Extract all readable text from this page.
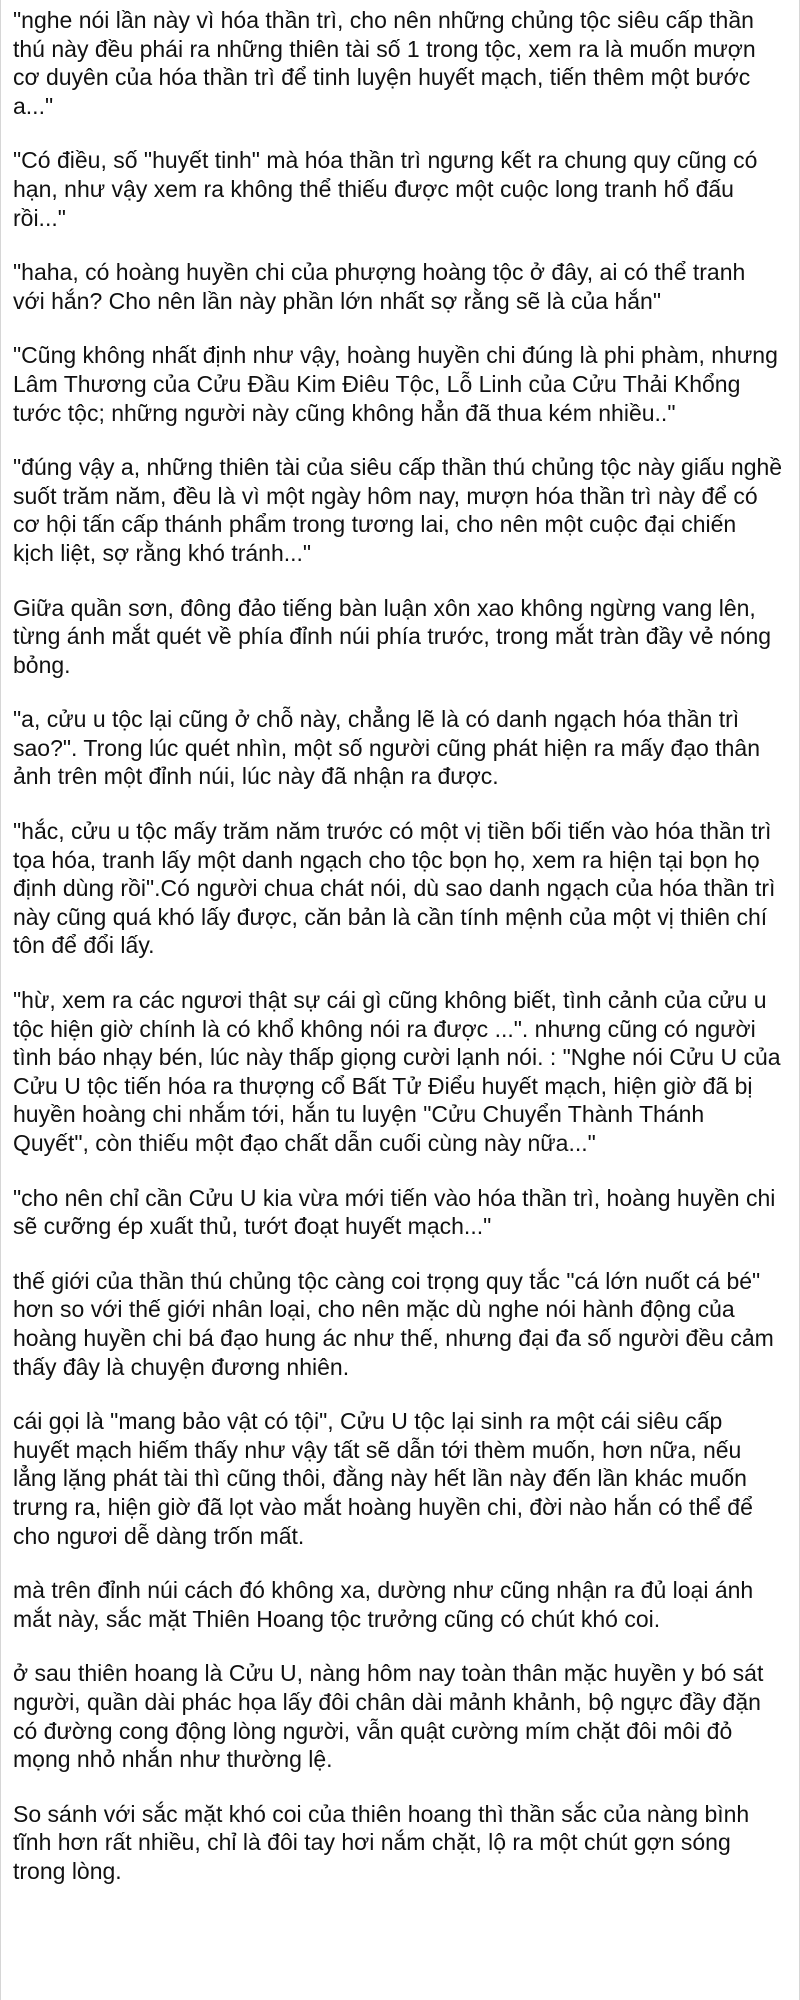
"nghe nói lần này vì hóa thần trì, cho nên những chủng tộc siêu cấp thần thú này đều phái ra những thiên tài số 1 trong tộc, xem ra là muốn mượn cơ duyên của hóa thần trì để tinh luyện huyết mạch, tiến thêm một bước a..."

"Có điều, số "huyết tinh" mà hóa thần trì ngưng kết ra chung quy cũng có hạn, như vậy xem ra không thể thiếu được một cuộc long tranh hổ đấu rồi..."

"haha, có hoàng huyền chi của phượng hoàng tộc ở đây, ai có thể tranh với hắn? Cho nên lần này phần lớn nhất sợ rằng sẽ là của hắn"

"Cũng không nhất định như vậy, hoàng huyền chi đúng là phi phàm, nhưng Lâm Thương của Cửu Đầu Kim Điêu Tộc, Lỗ Linh của Cửu Thải Khổng tước tộc; những người này cũng không hẳn đã thua kém nhiều.."

"đúng vậy a, những thiên tài của siêu cấp thần thú chủng tộc này giấu nghề suốt trăm năm, đều là vì một ngày hôm nay, mượn hóa thần trì này để có cơ hội tấn cấp thánh phẩm trong tương lai, cho nên một cuộc đại chiến kịch liệt, sợ rằng khó tránh..."

Giữa quần sơn, đông đảo tiếng bàn luận xôn xao không ngừng vang lên, từng ánh mắt quét về phía đỉnh núi phía trước, trong mắt tràn đầy vẻ nóng bỏng.

"a, cửu u tộc lại cũng ở chỗ này, chẳng lẽ là có danh ngạch hóa thần trì sao?". Trong lúc quét nhìn, một số người cũng phát hiện ra mấy đạo thân ảnh trên một đỉnh núi, lúc này đã nhận ra được.

"hắc, cửu u tộc mấy trăm năm trước có một vị tiền bối tiến vào hóa thần trì tọa hóa, tranh lấy một danh ngạch cho tộc bọn họ, xem ra hiện tại bọn họ định dùng rồi".Có người chua chát nói, dù sao danh ngạch của hóa thần trì này cũng quá khó lấy được, căn bản là cần tính mệnh của một vị thiên chí tôn để đổi lấy.

"hừ, xem ra các ngươi thật sự cái gì cũng không biết, tình cảnh của cửu u tộc hiện giờ chính là có khổ không nói ra được ...". nhưng cũng có người tình báo nhạy bén, lúc này thấp giọng cười lạnh nói. : "Nghe nói Cửu U của Cửu U tộc tiến hóa ra thượng cổ Bất Tử Điểu huyết mạch, hiện giờ đã bị huyền hoàng chi nhắm tới, hắn tu luyện "Cửu Chuyển Thành Thánh Quyết", còn thiếu một đạo chất dẫn cuối cùng này nữa..."

"cho nên chỉ cần Cửu U kia vừa mới tiến vào hóa thần trì, hoàng huyền chi sẽ cưỡng ép xuất thủ, tướt đoạt huyết mạch..."

thế giới của thần thú chủng tộc càng coi trọng quy tắc "cá lớn nuốt cá bé" hơn so với thế giới nhân loại, cho nên mặc dù nghe nói hành động của hoàng huyền chi bá đạo hung ác như thế, nhưng đại đa số người đều cảm thấy đây là chuyện đương nhiên.

cái gọi là "mang bảo vật có tội", Cửu U tộc lại sinh ra một cái siêu cấp huyết mạch hiếm thấy như vậy tất sẽ dẫn tới thèm muốn, hơn nữa, nếu lẳng lặng phát tài thì cũng thôi, đằng này hết lần này đến lần khác muốn trưng ra, hiện giờ đã lọt vào mắt hoàng huyền chi, đời nào hắn có thể để cho ngươi dễ dàng trốn mất.

mà trên đỉnh núi cách đó không xa, dường như cũng nhận ra đủ loại ánh mắt này, sắc mặt Thiên Hoang tộc trưởng cũng có chút khó coi.

ở sau thiên hoang là Cửu U, nàng hôm nay toàn thân mặc huyền y bó sát người, quần dài phác họa lấy đôi chân dài mảnh khảnh, bộ ngực đầy đặn có đường cong động lòng người, vẫn quật cường mím chặt đôi môi đỏ mọng nhỏ nhắn như thường lệ.

So sánh với sắc mặt khó coi của thiên hoang thì thần sắc của nàng bình tĩnh hơn rất nhiều, chỉ là đôi tay hơi nắm chặt, lộ ra một chút gợn sóng trong lòng.
